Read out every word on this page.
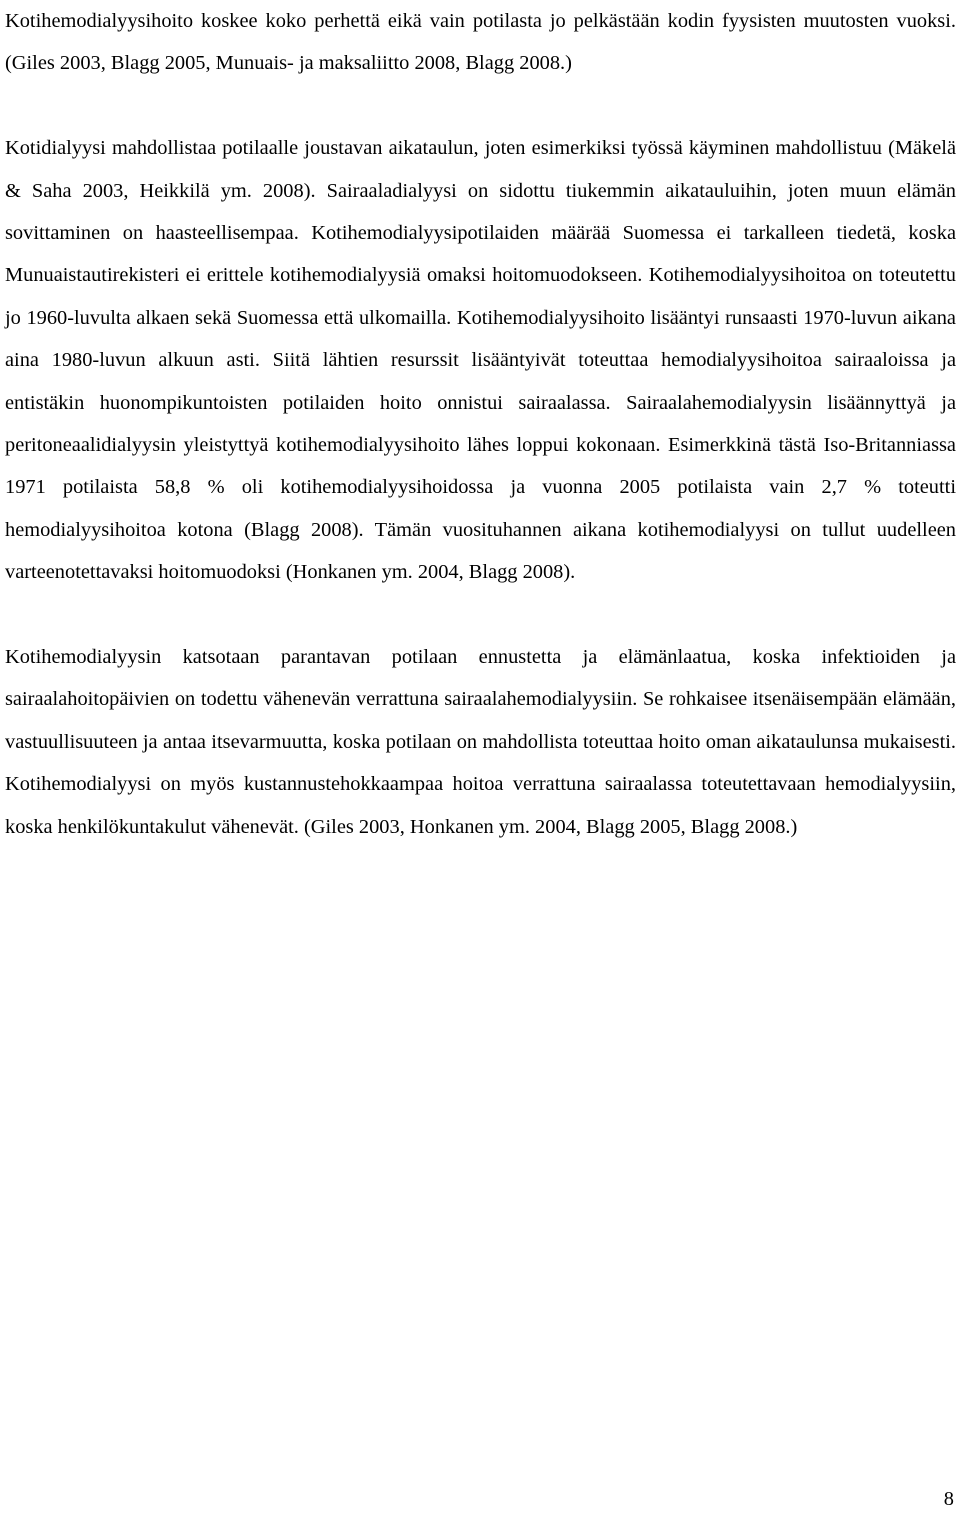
Kotihemodialyysihoito koskee koko perhettä eikä vain potilasta jo pelkästään kodin fyysisten muutosten vuoksi. (Giles 2003, Blagg 2005, Munuais- ja maksaliitto 2008, Blagg 2008.)

Kotidialyysi mahdollistaa potilaalle joustavan aikataulun, joten esimerkiksi työssä käyminen mahdollistuu (Mäkelä & Saha 2003, Heikkilä ym. 2008). Sairaaladialyysi on sidottu tiukemmin aikatauluihin, joten muun elämän sovittaminen on haasteellisempaa. Kotihemodialyysipotilaiden määrää Suomessa ei tarkalleen tiedetä, koska Munuaistautirekisteri ei erittele kotihemodialyysiä omaksi hoitomuodokseen. Kotihemodialyysihoitoa on toteutettu jo 1960-luvulta alkaen sekä Suomessa että ulkomailla. Kotihemodialyysihoito lisääntyi runsaasti 1970-luvun aikana aina 1980-luvun alkuun asti. Siitä lähtien resurssit lisääntyivät toteuttaa hemodialyysihoitoa sairaaloissa ja entistäkin huonompikuntoisten potilaiden hoito onnistui sairaalassa. Sairaalahemodialyysin lisäännyttyä ja peritoneaalidialyysin yleistyttyä kotihemodialyysihoito lähes loppui kokonaan. Esimerkkinä tästä Iso-Britanniassa 1971 potilaista 58,8 % oli kotihemodialyysihoidossa ja vuonna 2005 potilaista vain 2,7 % toteutti hemodialyysihoitoa kotona (Blagg 2008). Tämän vuosituhannen aikana kotihemodialyysi on tullut uudelleen varteenotettavaksi hoitomuodoksi (Honkanen ym. 2004, Blagg 2008).

Kotihemodialyysin katsotaan parantavan potilaan ennustetta ja elämänlaatua, koska infektioiden ja sairaalahoitopäivien on todettu vähenevän verrattuna sairaalahemodialyysiin. Se rohkaisee itsenäisempään elämään, vastuullisuuteen ja antaa itsevarmuutta, koska potilaan on mahdollista toteuttaa hoito oman aikataulunsa mukaisesti. Kotihemodialyysi on myös kustannustehokkaampaa hoitoa verrattuna sairaalassa toteutettavaan hemodialyysiin, koska henkilökuntakulut vähenevät. (Giles 2003, Honkanen ym. 2004, Blagg 2005, Blagg 2008.)

8
